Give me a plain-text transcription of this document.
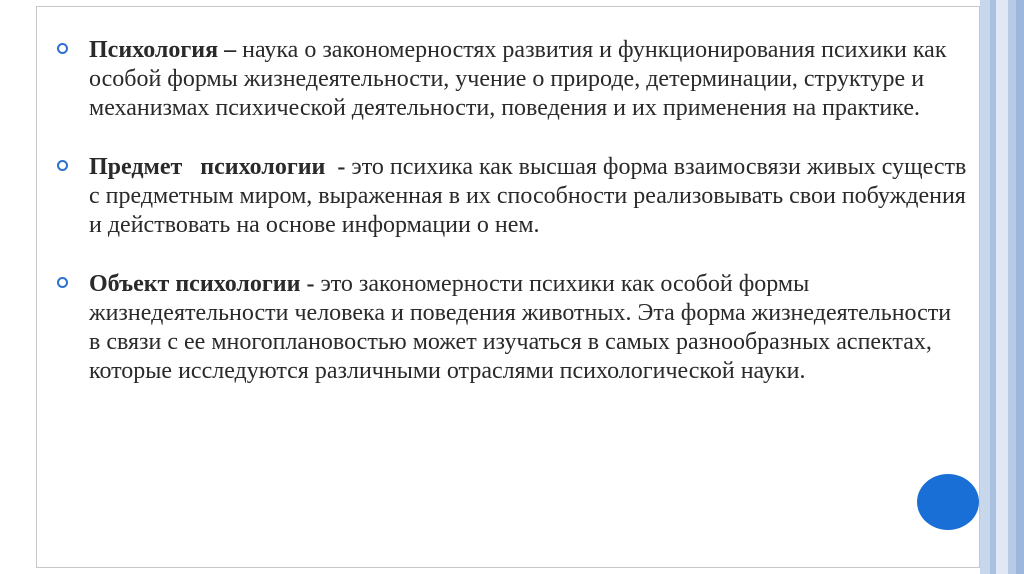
Психология – наука о закономерностях развития и функционирования психики как особой формы жизнедеятельности, учение о природе, детерминации, структуре и механизмах психической деятельности, поведения и их применения на практике.
Предмет   психологии  - это психика как высшая форма взаимосвязи живых существ с предметным миром, выраженная в их способности реализовывать свои побуждения и действовать на основе информации о нем.
Объект психологии - это закономерности психики как особой формы жизнедеятельности человека и поведения животных. Эта форма жизнедеятельности в связи с ее многоплановостью может изучаться в самых разнообразных аспектах, которые исследуются различными отраслями психологической науки.
